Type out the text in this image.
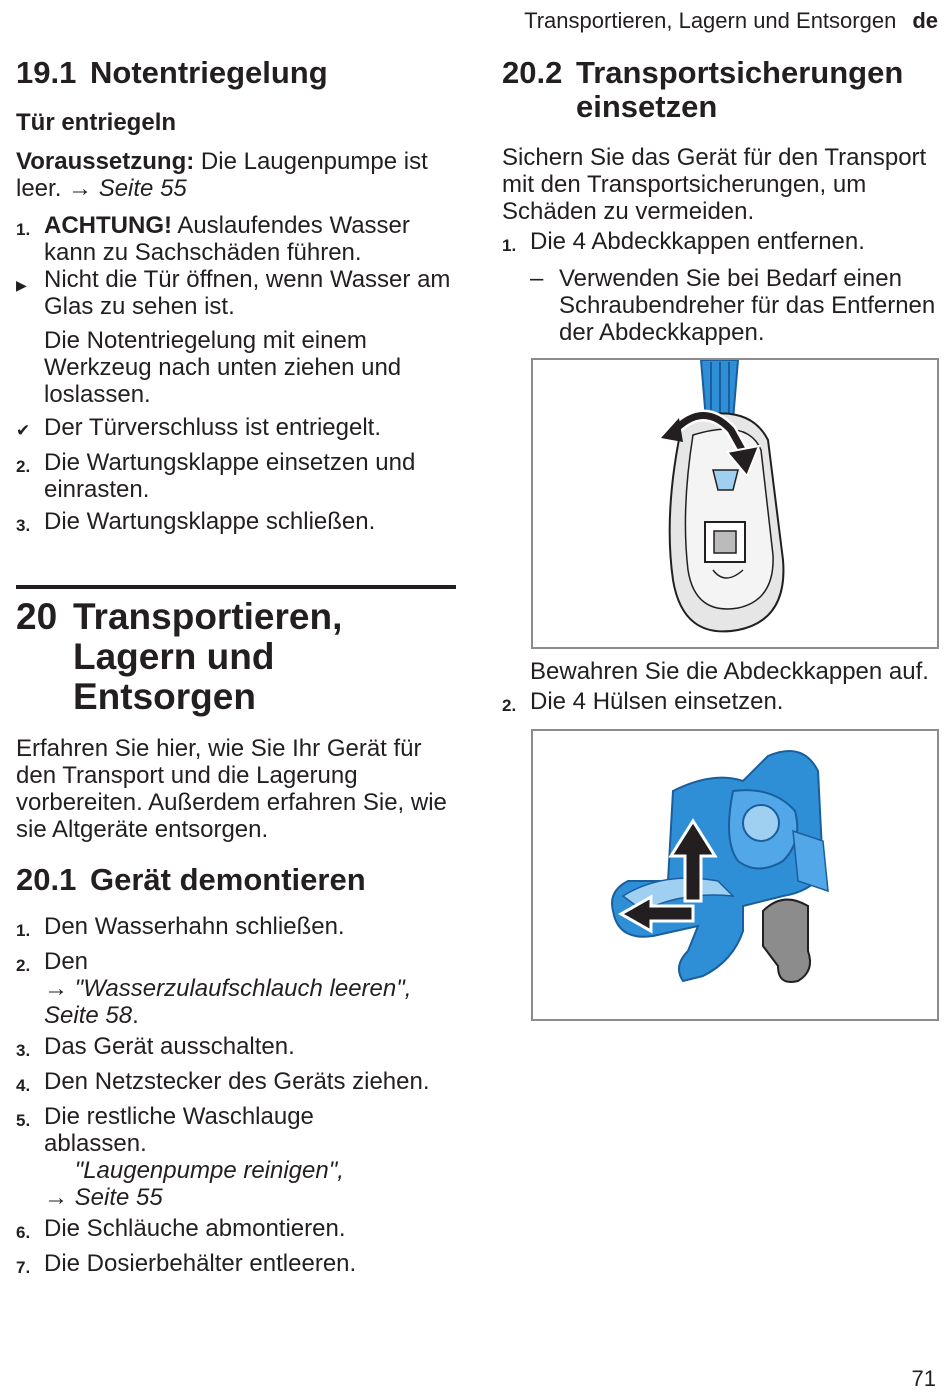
Transportieren, Lagern und Entsorgen de
19.1 Notentriegelung
Tür entriegeln

Voraussetzung: Die Laugenpumpe ist leer. → Seite 55

1. ACHTUNG! Auslaufendes Wasser kann zu Sachschäden führen.
▶ Nicht die Tür öffnen, wenn Wasser am Glas zu sehen ist.
Die Notentriegelung mit einem Werkzeug nach unten ziehen und loslassen.
✔ Der Türverschluss ist entriegelt.
2. Die Wartungsklappe einsetzen und einrasten.
3. Die Wartungsklappe schließen.
20 Transportieren, Lagern und Entsorgen

Erfahren Sie hier, wie Sie Ihr Gerät für den Transport und die Lagerung vorbereiten. Außerdem erfahren Sie, wie sie Altgeräte entsorgen.

20.1 Gerät demontieren
1. Den Wasserhahn schließen.
2. Den
→ "Wasserzulaufschlauch leeren", Seite 58.
3. Das Gerät ausschalten.
4. Den Netzstecker des Geräts ziehen.
5. Die restliche Waschlauge ablassen.
→ "Laugenpumpe reinigen", Seite 55
6. Die Schläuche abmontieren.
7. Die Dosierbehälter entleeren.
20.2 Transportsicherungen einsetzen

Sichern Sie das Gerät für den Transport mit den Transportsicherungen, um Schäden zu vermeiden.

1. Die 4 Abdeckkappen entfernen.
– Verwenden Sie bei Bedarf einen Schraubendreher für das Entfernen der Abdeckkappen.
Bewahren Sie die Abdeckkappen auf.
2. Die 4 Hülsen einsetzen.
71
